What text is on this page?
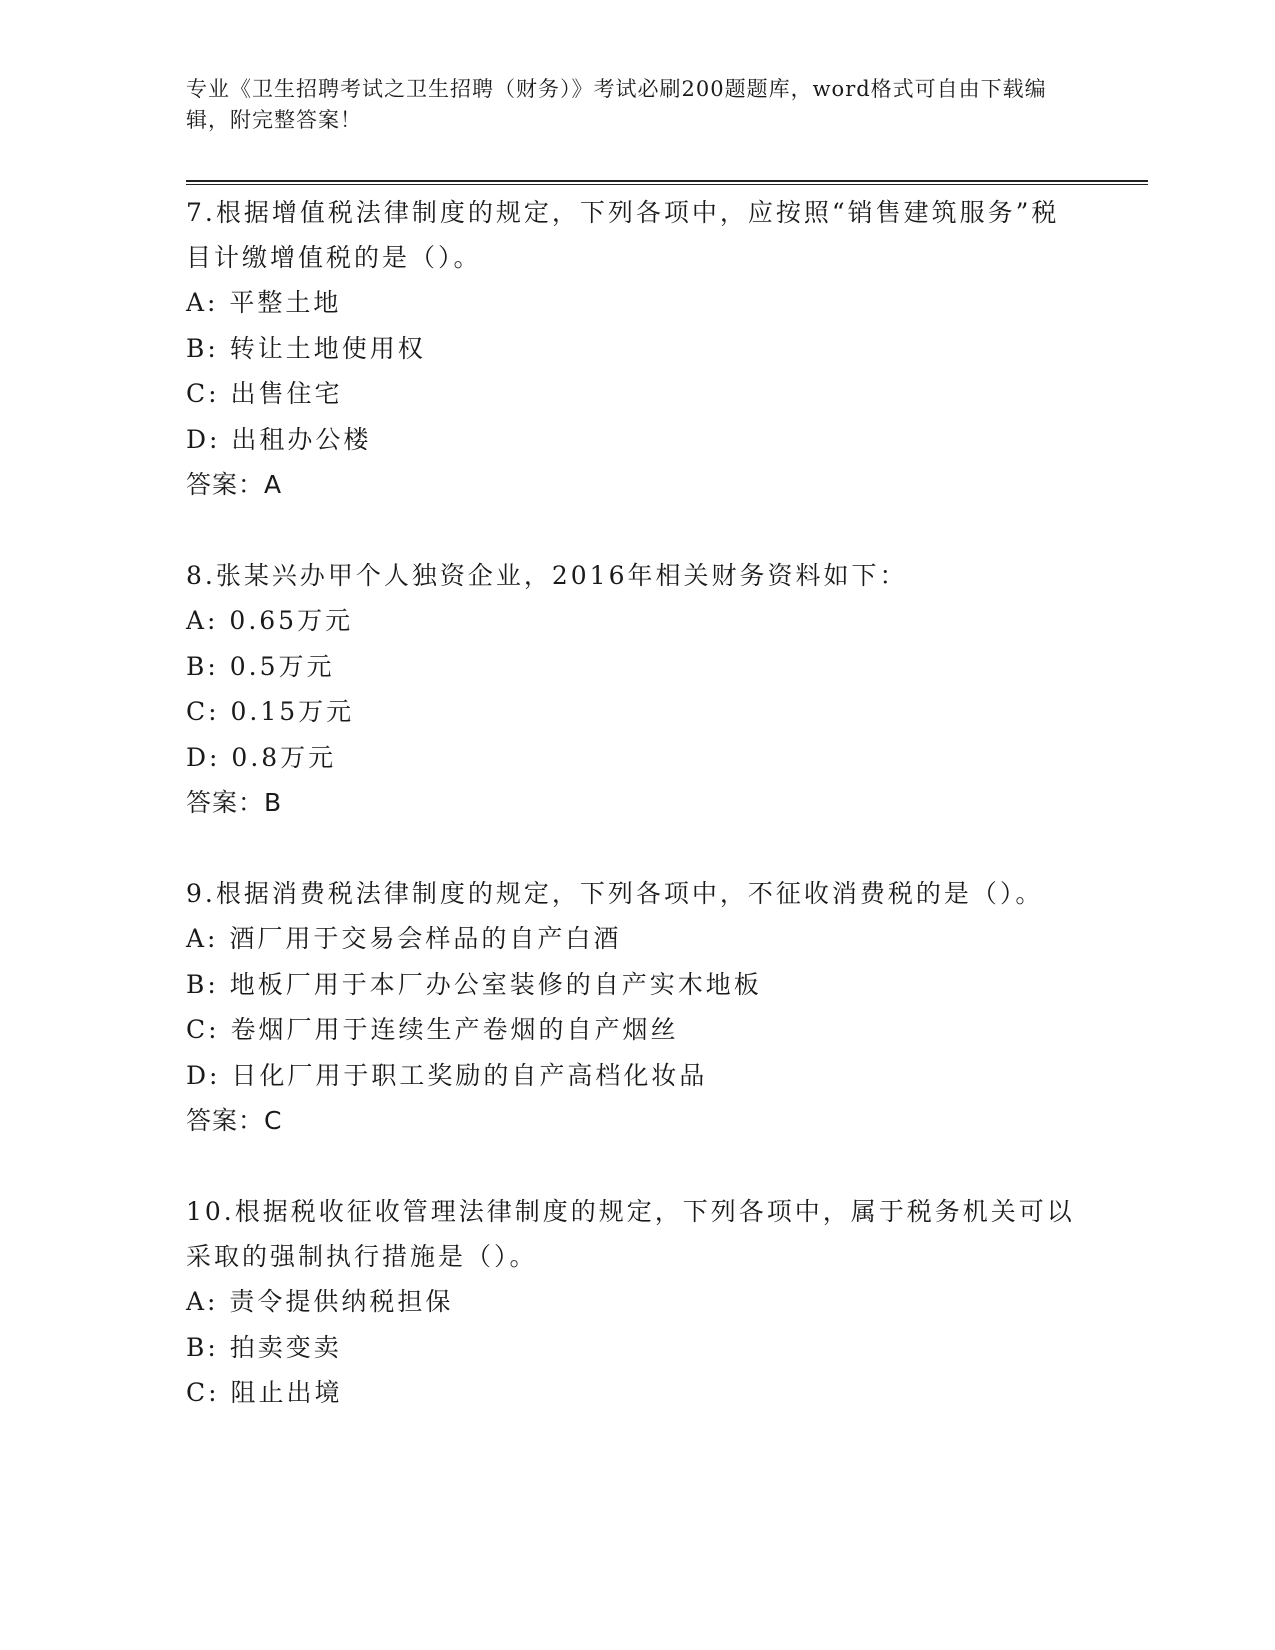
专业《卫生招聘考试之卫生招聘（财务）》考试必刷200题题库，word格式可自由下载编辑，附完整答案！
7.根据增值税法律制度的规定，下列各项中，应按照“销售建筑服务”税目计缴增值税的是（）。
A: 平整土地
B: 转让土地使用权
C: 出售住宅
D: 出租办公楼
答案：A
8.张某兴办甲个人独资企业，2016年相关财务资料如下：
A: 0.65万元
B: 0.5万元
C: 0.15万元
D: 0.8万元
答案：B
9.根据消费税法律制度的规定，下列各项中，不征收消费税的是（）。
A: 酒厂用于交易会样品的自产白酒
B: 地板厂用于本厂办公室装修的自产实木地板
C: 卷烟厂用于连续生产卷烟的自产烟丝
D: 日化厂用于职工奖励的自产高档化妆品
答案：C
10.根据税收征收管理法律制度的规定，下列各项中，属于税务机关可以采取的强制执行措施是（）。
A: 责令提供纳税担保
B: 拍卖变卖
C: 阻止出境
